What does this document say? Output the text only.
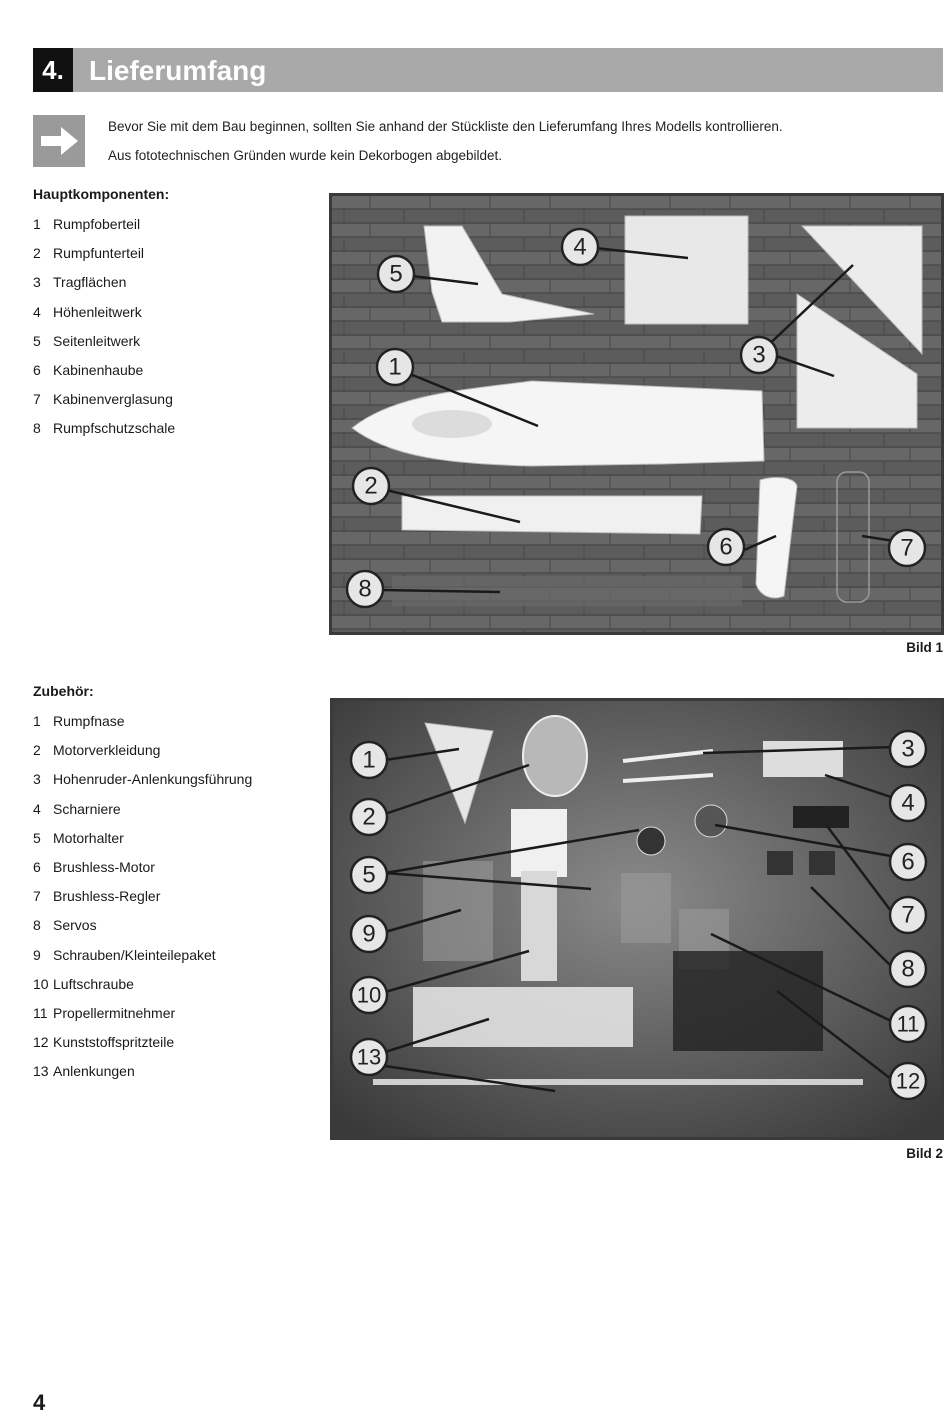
4. Lieferumfang
Bevor Sie mit dem Bau beginnen, sollten Sie anhand der Stückliste den Lieferumfang Ihres Modells kontrollieren.
Aus fototechnischen Gründen wurde kein Dekorbogen abgebildet.
Hauptkomponenten:
1 Rumpfoberteil
2 Rumpfunterteil
3 Tragflächen
4 Höhenleitwerk
5 Seitenleitwerk
6 Kabinenhaube
7 Kabinenverglasung
8 Rumpfschutzschale
1
2
3
4
5
6	7
8
Bild 1
Zubehör:
1 Rumpfnase
2 Motorverkleidung
3 Hohenruder-Anlenkungsführung
4 Scharniere
5 Motorhalter
6 Brushless-Motor
7 Brushless-Regler
8 Servos
9 Schrauben/Kleinteilepaket
10 Luftschraube
11 Propellermitnehmer
12 Kunststoffspritzteile
13 Anlenkungen
1
2
3
4
5	6
7
8
9
10
11
12
13
Bild 2
4
